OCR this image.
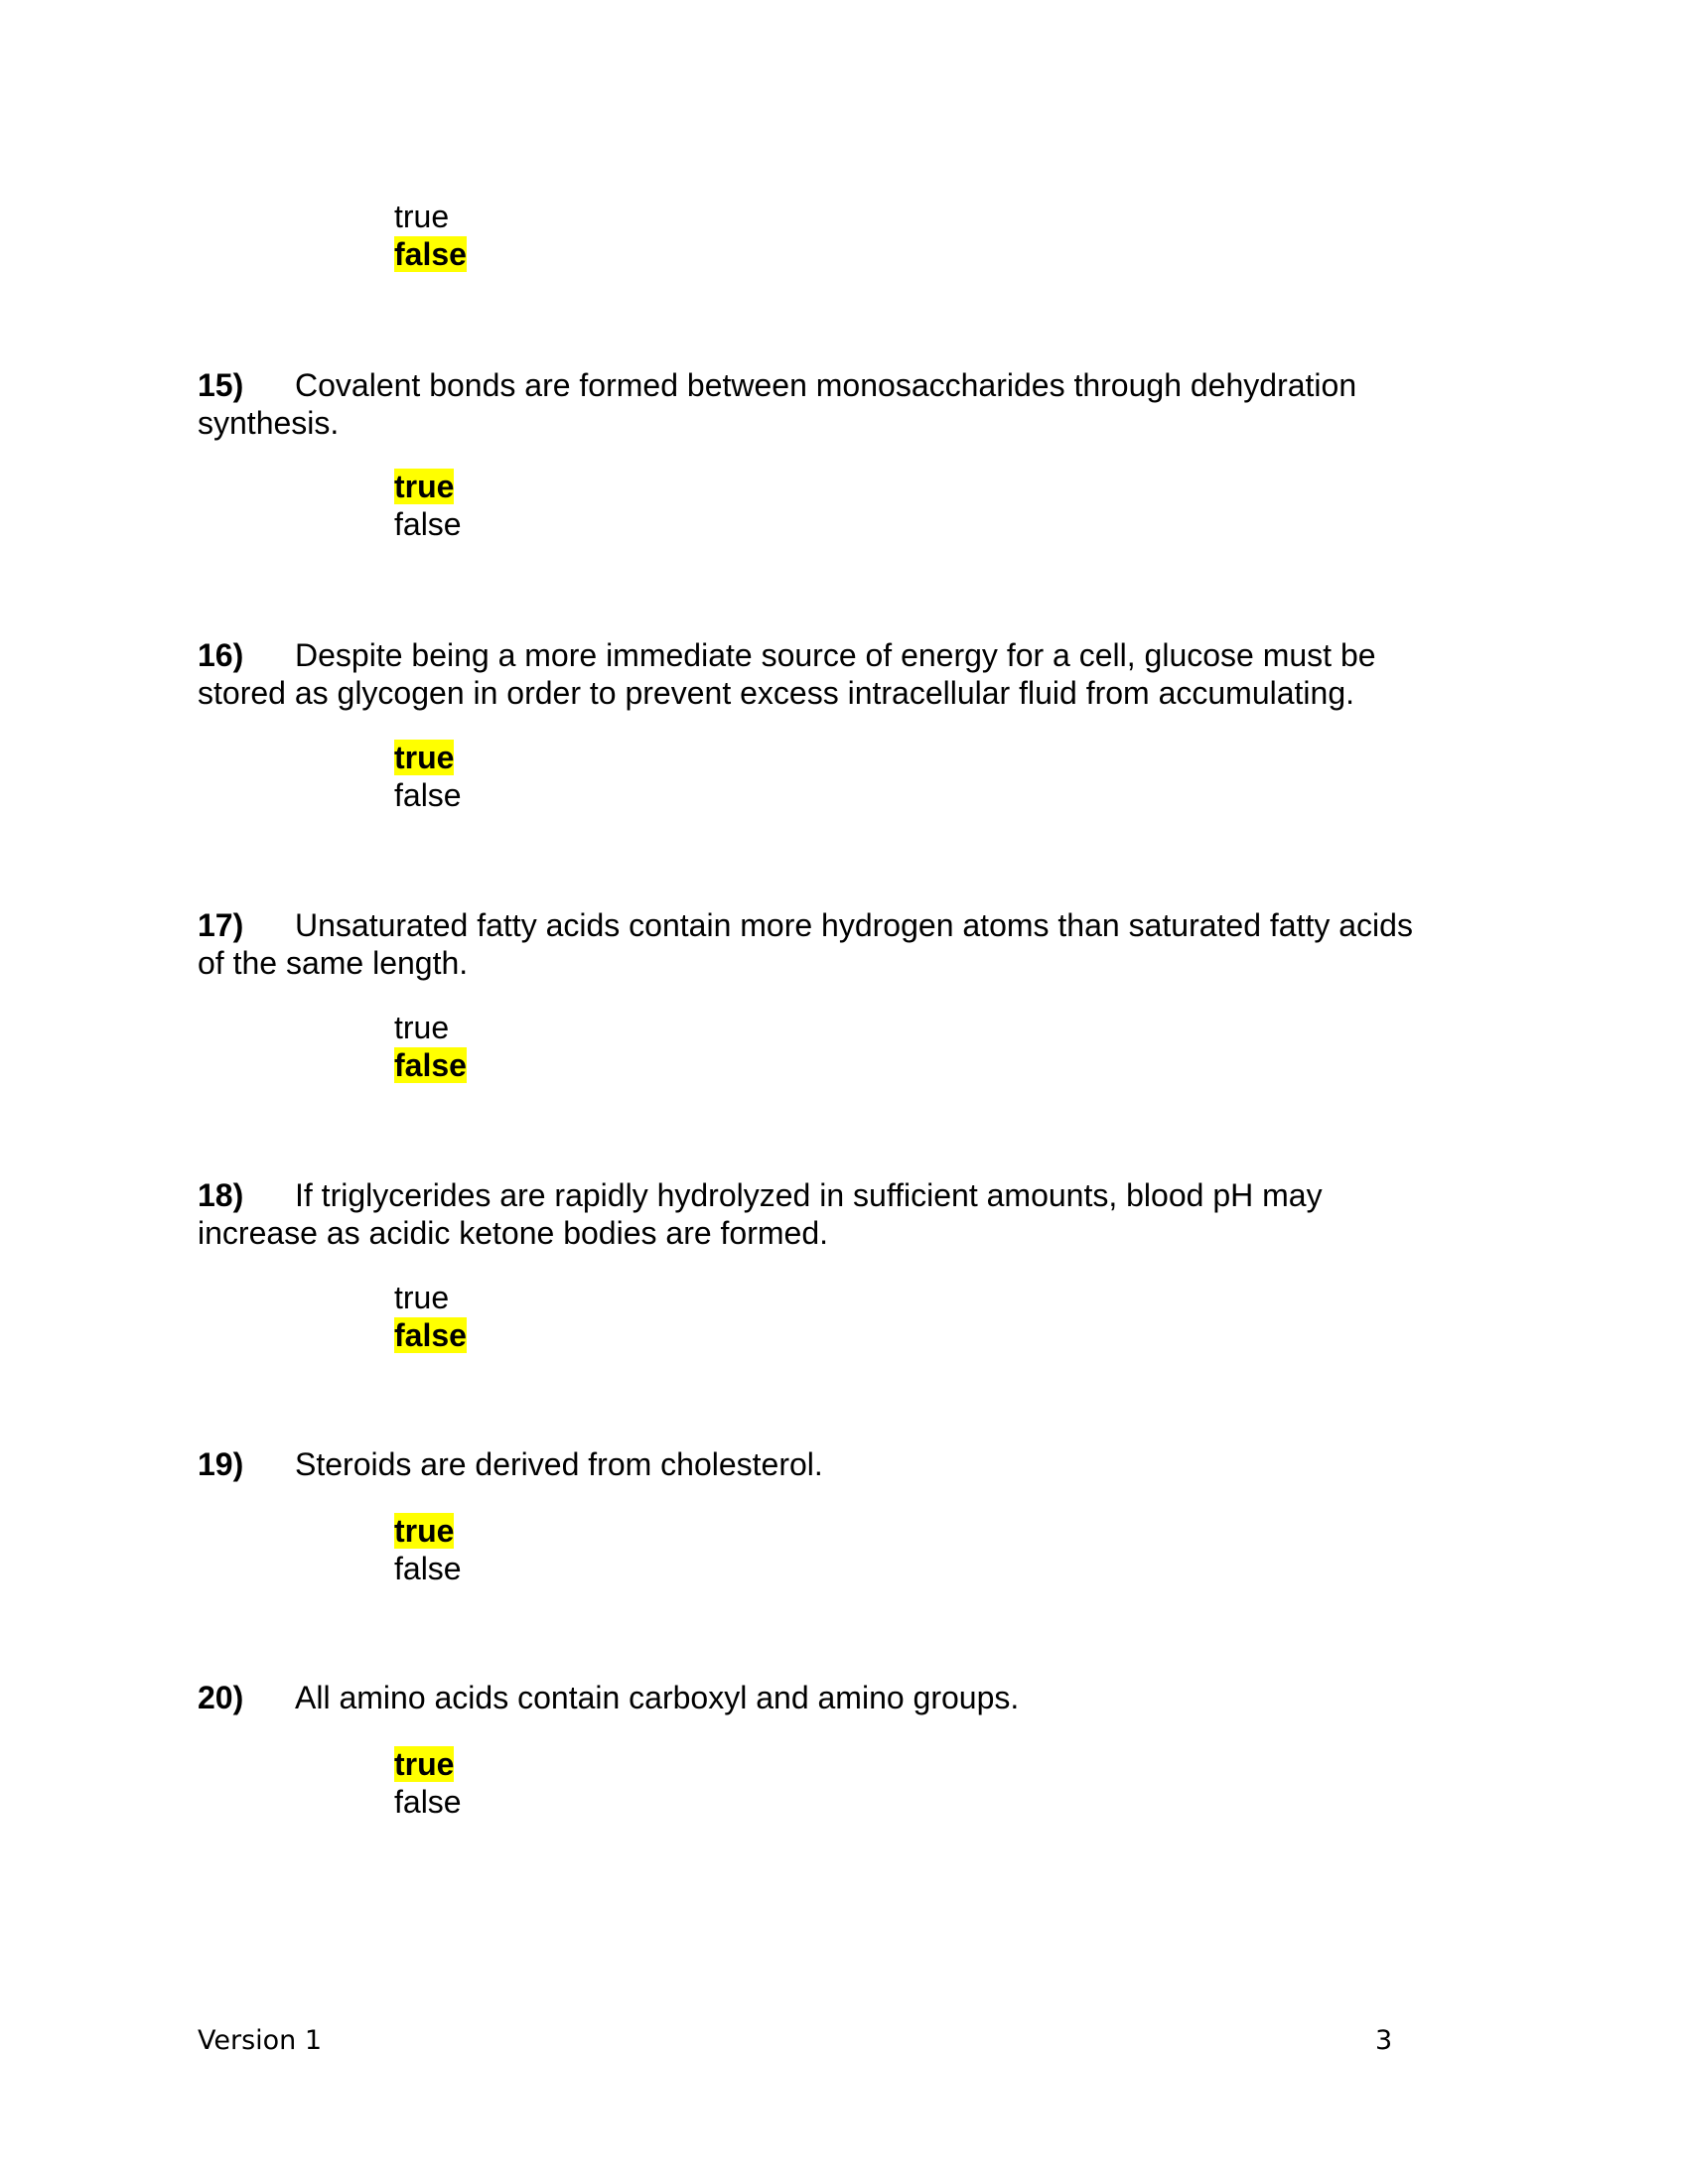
true
false
15) Covalent bonds are formed between monosaccharides through dehydration
synthesis.
true
false
16) Despite being a more immediate source of energy for a cell, glucose must be
stored as glycogen in order to prevent excess intracellular fluid from accumulating.
true
false
17) Unsaturated fatty acids contain more hydrogen atoms than saturated fatty acids
of the same length.
true
false
18) If triglycerides are rapidly hydrolyzed in sufficient amounts, blood pH may
increase as acidic ketone bodies are formed.
true
false
19) Steroids are derived from cholesterol.
true
false
20) All amino acids contain carboxyl and amino groups.
true
false
Version 1	3
